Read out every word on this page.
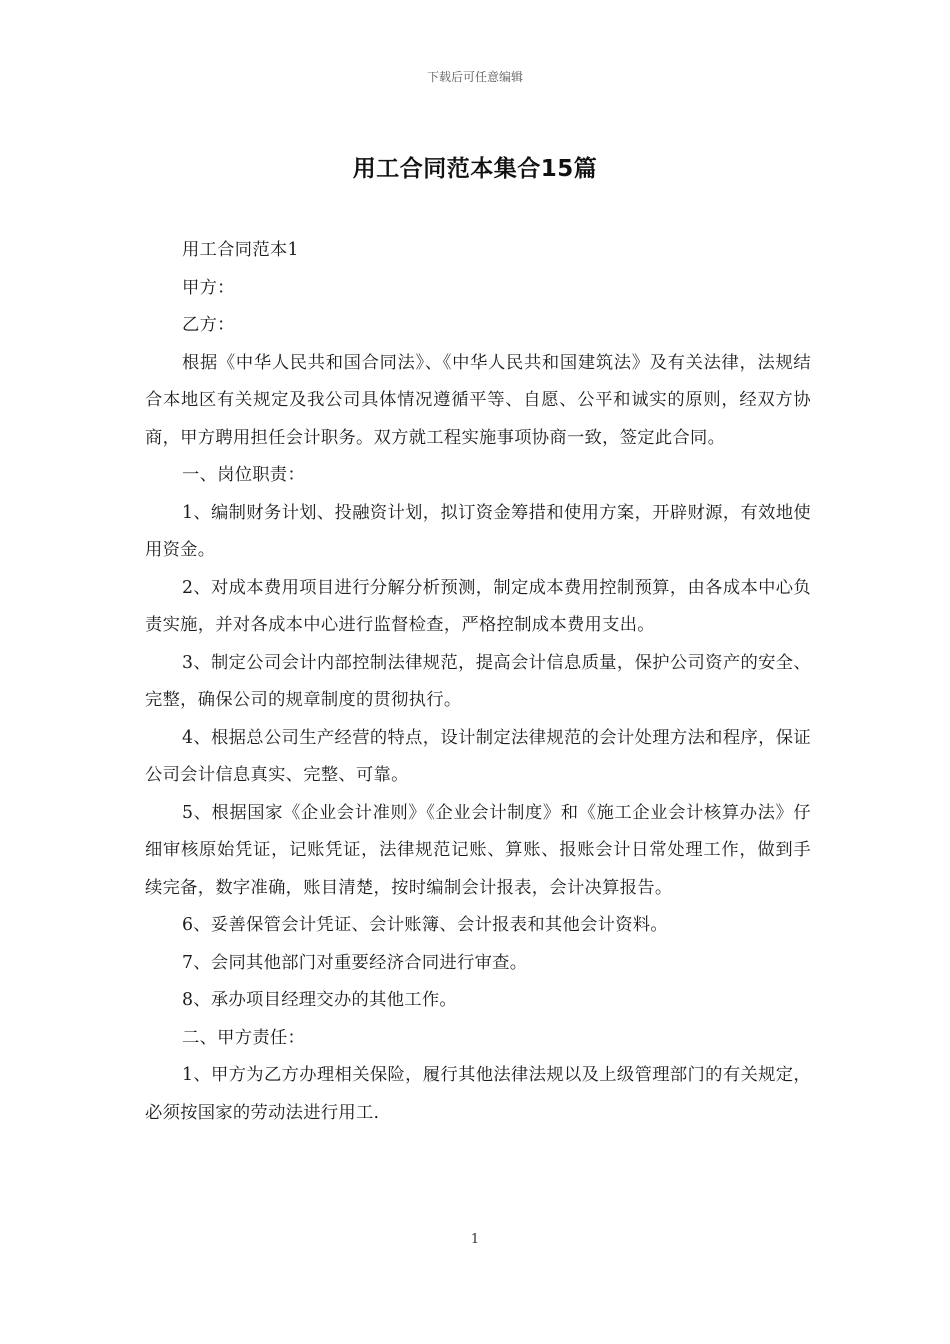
下载后可任意编辑
用工合同范本集合15篇

用工合同范本1

甲方：

乙方：

根据《中华人民共和国合同法》、《中华人民共和国建筑法》及有关法律，法规结合本地区有关规定及我公司具体情况遵循平等、自愿、公平和诚实的原则，经双方协商，甲方聘用担任会计职务。双方就工程实施事项协商一致，签定此合同。

一、岗位职责：

1、编制财务计划、投融资计划，拟订资金筹措和使用方案，开辟财源，有效地使用资金。

2、对成本费用项目进行分解分析预测，制定成本费用控制预算，由各成本中心负责实施，并对各成本中心进行监督检查，严格控制成本费用支出。

3、制定公司会计内部控制法律规范，提高会计信息质量，保护公司资产的安全、完整，确保公司的规章制度的贯彻执行。

4、根据总公司生产经营的特点，设计制定法律规范的会计处理方法和程序，保证公司会计信息真实、完整、可靠。

5、根据国家《企业会计准则》《企业会计制度》和《施工企业会计核算办法》仔细审核原始凭证，记账凭证，法律规范记账、算账、报账会计日常处理工作，做到手续完备，数字准确，账目清楚，按时编制会计报表，会计决算报告。

6、妥善保管会计凭证、会计账簿、会计报表和其他会计资料。

7、会同其他部门对重要经济合同进行审查。

8、承办项目经理交办的其他工作。

二、甲方责任：

1、甲方为乙方办理相关保险，履行其他法律法规以及上级管理部门的有关规定，必须按国家的劳动法进行用工.

1
